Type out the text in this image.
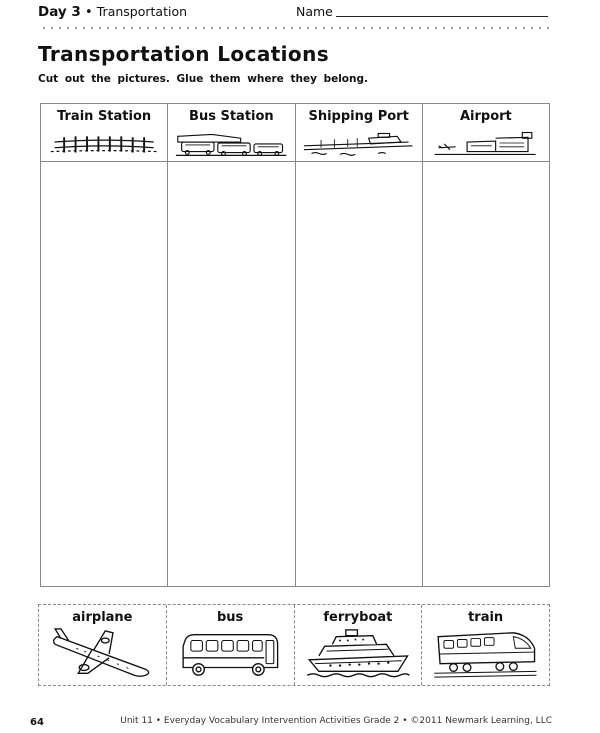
Day 3 • Transportation	Name
Transportation Locations
Cut out the pictures. Glue them where they belong.
Train Station	Bus Station	Shipping Port	Airport
airplane	bus	ferryboat	train
64	Unit 11 • Everyday Vocabulary Intervention Activities Grade 2 • ©2011 Newmark Learning, LLC
